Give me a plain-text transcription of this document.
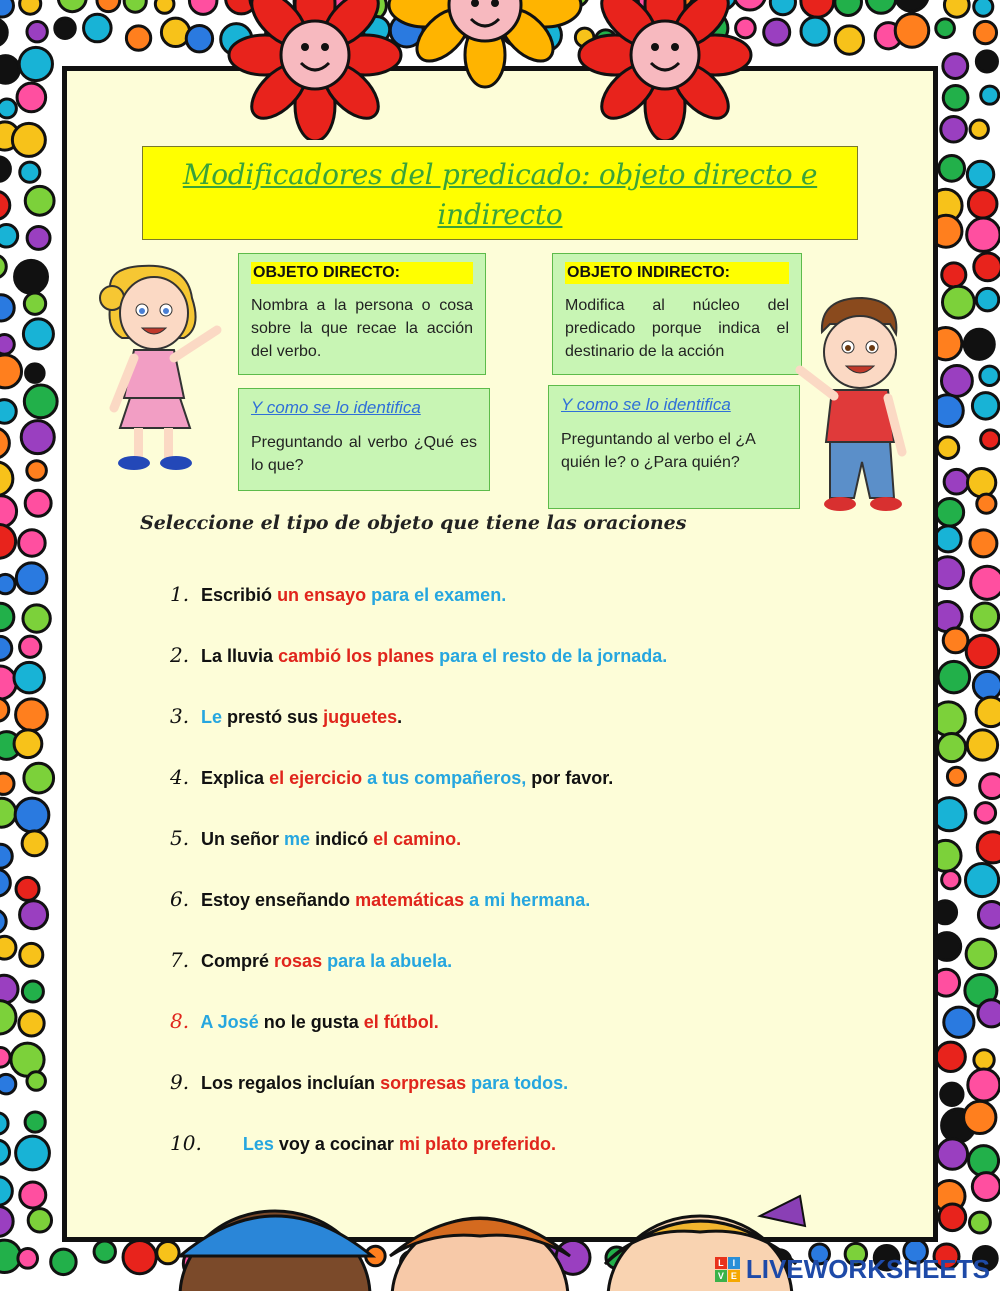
Modificadores del predicado: objeto directo e indirecto
OBJETO DIRECTO:
Nombra a la persona o cosa sobre la que recae la acción del verbo.
Y como se lo identifica
Preguntando al verbo ¿Qué es lo que?
OBJETO INDIRECTO:
Modifica al núcleo del predicado porque indica el destinario de la acción
Y como se lo identifica
Preguntando al verbo el ¿A quién le? o ¿Para quién?
Seleccione el tipo de objeto que tiene las oraciones
1. Escribió un ensayo para el examen.
2. La lluvia cambió los planes para el resto de la jornada.
3. Le prestó sus juguetes.
4. Explica el ejercicio a tus compañeros, por favor.
5. Un señor me indicó el camino.
6. Estoy enseñando matemáticas a mi hermana.
7. Compré rosas para la abuela.
8. A José no le gusta el fútbol.
9. Los regalos incluían sorpresas para todos.
10.   Les voy a cocinar mi plato preferido.
L I
V E LIVEWORKSHEETS
